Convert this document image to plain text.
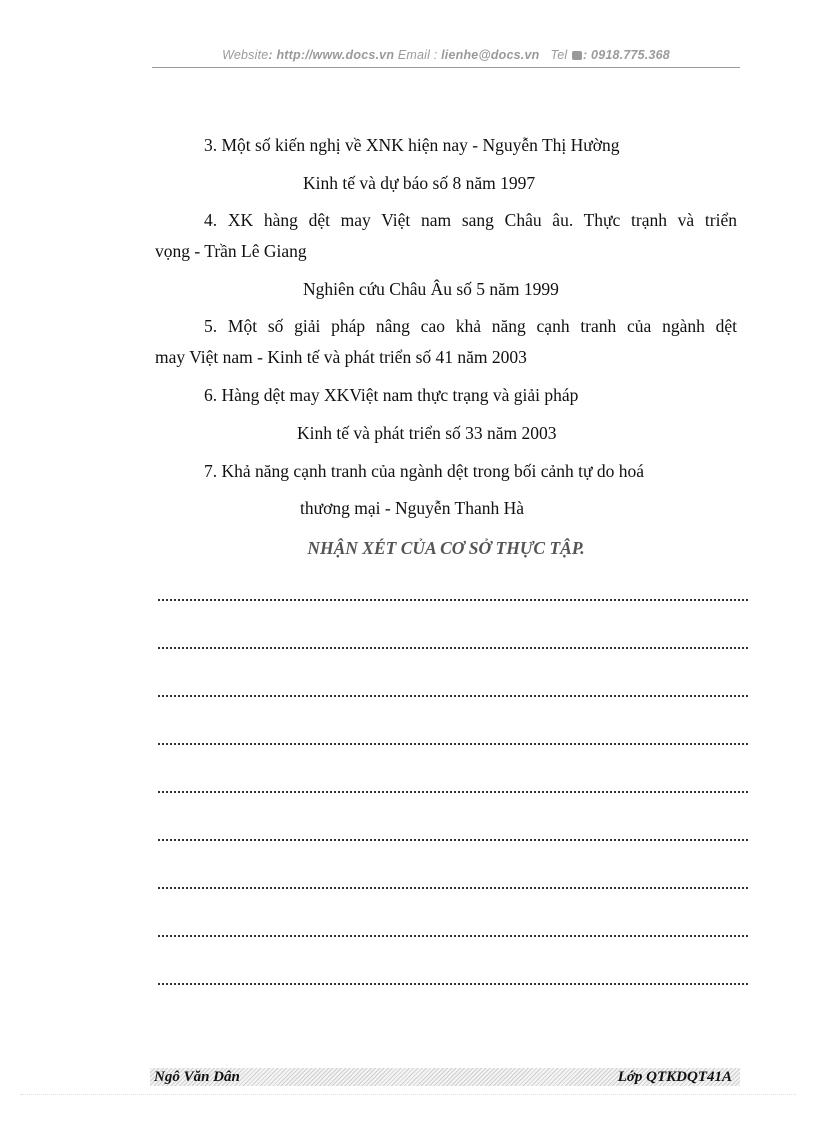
Website: http://www.docs.vn Email : lienhe@docs.vn Tel : 0918.775.368
3. Một số kiến nghị về XNK hiện nay - Nguyễn Thị Hường
Kinh tế và dự báo số 8 năm 1997
4. XK hàng dệt may Việt nam sang Châu âu. Thực trạnh và triển
vọng - Trần Lê Giang
Nghiên cứu Châu Âu số 5 năm 1999
5. Một số giải pháp nâng cao khả năng cạnh tranh của ngành dệt
may Việt nam - Kinh tế và phát triển số 41 năm 2003
6. Hàng dệt may XKViệt nam thực trạng và giải pháp
Kinh tế và phát triển số 33 năm 2003
7. Khả năng cạnh tranh của ngành dệt trong bối cảnh tự do hoá
thương mại - Nguyễn Thanh Hà
NHẬN XÉT CỦA CƠ SỞ THỰC TẬP.
Ngô Văn Dân	Lớp QTKDQT41A
